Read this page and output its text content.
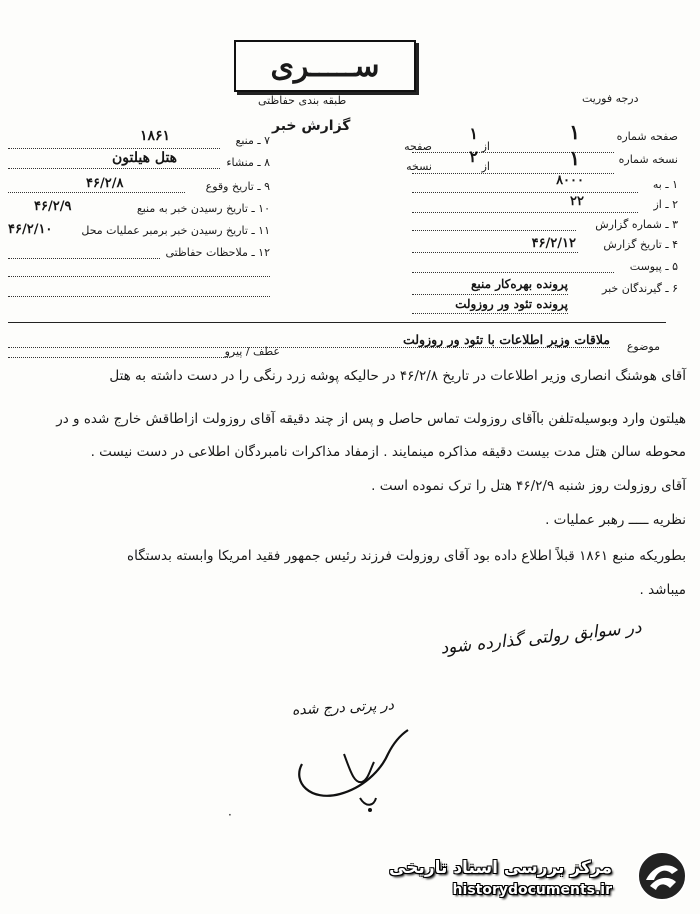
ســـــری
طبقه بندی حفاظتی	درجه فوریت
گزارش خبر
صفحه شماره
از
صفحه
۱
۱
نسخه شماره
از
نسخه	۱
۲
۱ ـ به
۸۰۰۰
۲ ـ از
۲۲
۳ ـ شماره گزارش
۴ ـ تاریخ گزارش
۴۶/۲/۱۲
۵ ـ پیوست
۶ ـ گیرندگان خبر
پرونده بهره‌کار منبع
پرونده تئود ور روزولت
۷ ـ منبع
۱۸۶۱
۸ ـ منشاء
هتل هیلتون
۹ ـ تاریخ وقوع
۴۶/۲/۸
۱۰ ـ تاریخ رسیدن خبر به منبع
۴۶/۲/۹
۱۱ ـ تاریخ رسیدن خبر برمبر عملیات محل
۴۶/۲/۱۰
۱۲ ـ ملاحظات حفاظتی
موضوع
ملاقات وزیر اطلاعات با تئود ور روزولت
عطف / پیرو
آقای هوشنگ انصاری وزیر اطلاعات در تاریخ ۴۶/۲/۸ در حالیکه پوشه زرد رنگی را در دست داشته به هتل
هیلتون وارد وبوسیله‌تلفن باآقای روزولت تماس حاصل و پس از چند دقیقه آقای روزولت ازاطاقش خارج شده و در
محوطه سالن هتل مدت بیست دقیقه مذاکره مینمایند . ازمفاد مذاکرات نامبردگان اطلاعی در دست نیست .
آقای روزولت روز شنبه ۴۶/۲/۹ هتل را ترک نموده است .
نظریه ـــــ رهبر عملیات .
بطوریکه منبع ۱۸۶۱ قبلاً اطلاع داده بود آقای روزولت فرزند رئیس جمهور فقید امریکا وابسته بدستگاه
میباشد .
در سوابق رولتی گذارده شود
در پرتی درج شده
·
مرکز بررسی اسناد تاریخی
historydocuments.ir
